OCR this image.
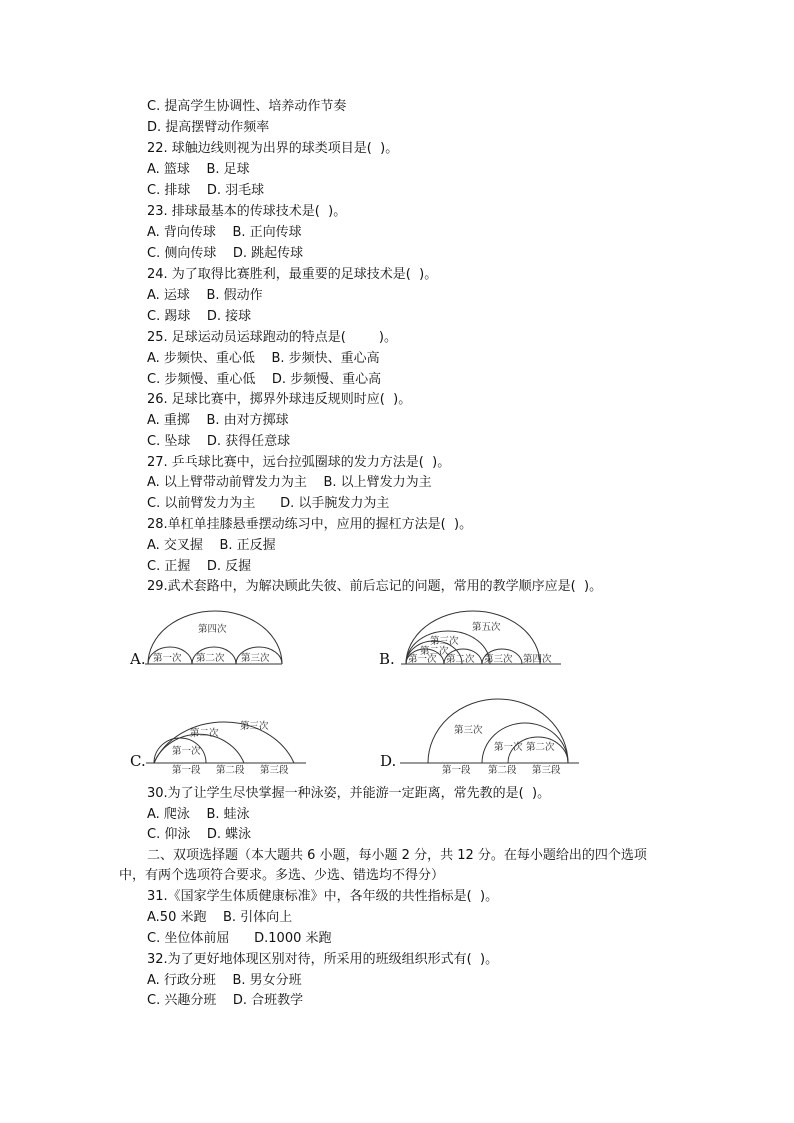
C. 提高学生协调性、培养动作节奏
D. 提高摆臂动作频率
22. 球触边线则视为出界的球类项目是(  )。
A. 篮球    B. 足球
C. 排球    D. 羽毛球
23. 排球最基本的传球技术是(  )。
A. 背向传球    B. 正向传球
C. 侧向传球    D. 跳起传球
24. 为了取得比赛胜利，最重要的足球技术是(  )。
A. 运球    B. 假动作
C. 踢球    D. 接球
25. 足球运动员运球跑动的特点是(        )。
A. 步频快、重心低    B. 步频快、重心高
C. 步频慢、重心低    D. 步频慢、重心高
26. 足球比赛中，掷界外球违反规则时应(  )。
A. 重掷    B. 由对方掷球
C. 坠球    D. 获得任意球
27. 乒乓球比赛中，远台拉弧圈球的发力方法是(  )。
A. 以上臂带动前臂发力为主    B. 以上臂发力为主
C. 以前臂发力为主      D. 以手腕发力为主
28.单杠单挂膝悬垂摆动练习中，应用的握杠方法是(  )。
A. 交叉握    B. 正反握
C. 正握    D. 反握
29.武术套路中，为解决顾此失彼、前后忘记的问题，常用的教学顺序应是(  )。
A.
第四次
第一次 第二次 第三次	B.
第五次
第三次
第二次
第一次 第二次 第三次 第四次
C.
第三次
第二次
第一次
第一段 第二段 第三段
D.
第三次
第一次 第二次
第一段 第二段 第三段
30.为了让学生尽快掌握一种泳姿，并能游一定距离，常先教的是(  )。
A. 爬泳    B. 蛙泳
C. 仰泳    D. 蝶泳
二、双项选择题（本大题共 6 小题，每小题 2 分，共 12 分。在每小题给出的四个选项
中，有两个选项符合要求。多选、少选、错选均不得分）
31.《国家学生体质健康标准》中，各年级的共性指标是(  )。
A.50 米跑    B. 引体向上
C. 坐位体前屈      D.1000 米跑
32.为了更好地体现区别对待，所采用的班级组织形式有(  )。
A. 行政分班    B. 男女分班
C. 兴趣分班    D. 合班教学
